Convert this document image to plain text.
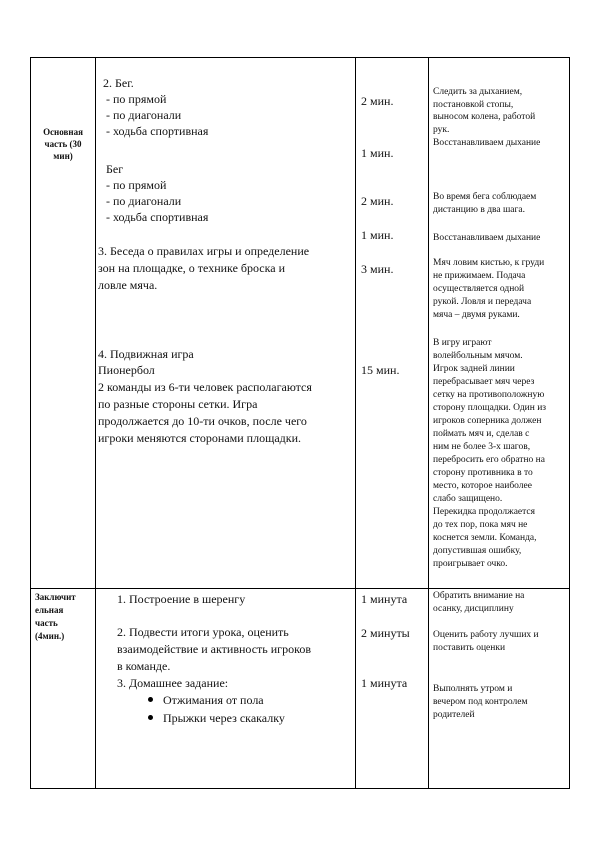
Основная
часть (30
мин)
2. Бег.
- по прямой
- по диагонали
- ходьба спортивная
Бег
- по прямой
- по диагонали
- ходьба спортивная
3. Беседа о правилах игры и определение
зон на площадке, о технике броска и
ловле мяча.
4. Подвижная игра
Пионербол
2 команды из 6-ти человек располагаются
по разные стороны сетки. Игра
продолжается до 10-ти очков, после чего
игроки меняются сторонами площадки.
2 мин.
1 мин.
2 мин.
1 мин.
3 мин.
15 мин.
Следить за дыханием,
постановкой стопы,
выносом колена, работой
рук.
Восстанавливаем дыхание
Во время бега соблюдаем
дистанцию в два шага.
Восстанавливаем дыхание
Мяч ловим кистью, к груди
не прижимаем. Подача
осуществляется одной
рукой. Ловля и передача
мяча – двумя руками.
В игру играют
волейбольным мячом.
Игрок задней линии
перебрасывает мяч через
сетку на противоположную
сторону площадки. Один из
игроков соперника должен
поймать мяч и, сделав с
ним не более 3-х шагов,
перебросить его обратно на
сторону противника в то
место, которое наиболее
слабо защищено.
Перекидка продолжается
до тех пор, пока мяч не
коснется земли. Команда,
допустившая ошибку,
проигрывает очко.
Заключит
ельная
часть
(4мин.)
1. Построение в шеренгу
2. Подвести итоги урока, оценить
взаимодействие и активность игроков
в команде.
3. Домашнее задание:
Отжимания от пола
Прыжки через скакалку
1 минута
2 минуты
1 минута
Обратить внимание на
осанку, дисциплину
Оценить работу лучших и
поставить оценки
Выполнять утром и
вечером под контролем
родителей
